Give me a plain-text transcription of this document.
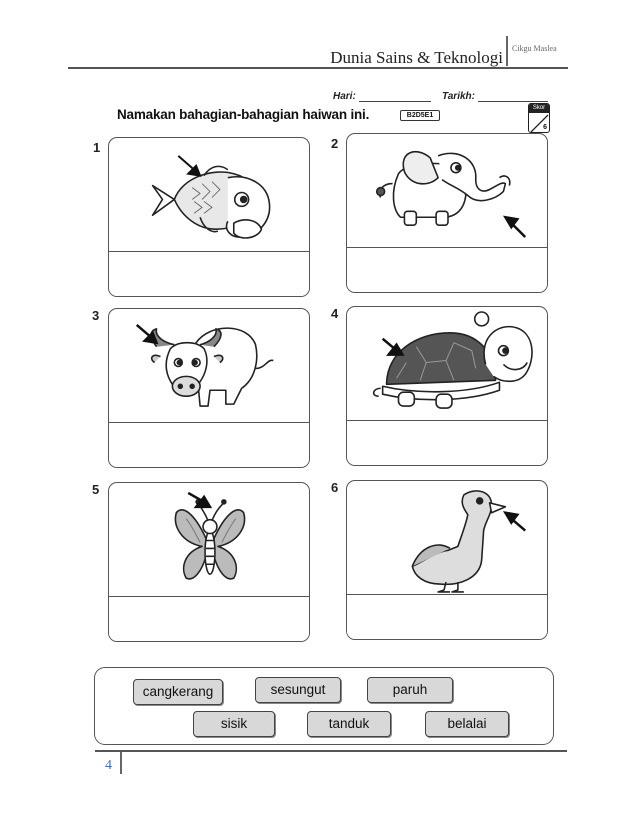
Dunia Sains & Teknologi Cikgu Maslea
Hari:	Tarikh:
Namakan bahagian-bahagian haiwan ini.	B2D5E1
Skor
6
1	2
3	4
5	6
cangkerang	sesungut	paruh
sisik	tanduk	belalai
4
